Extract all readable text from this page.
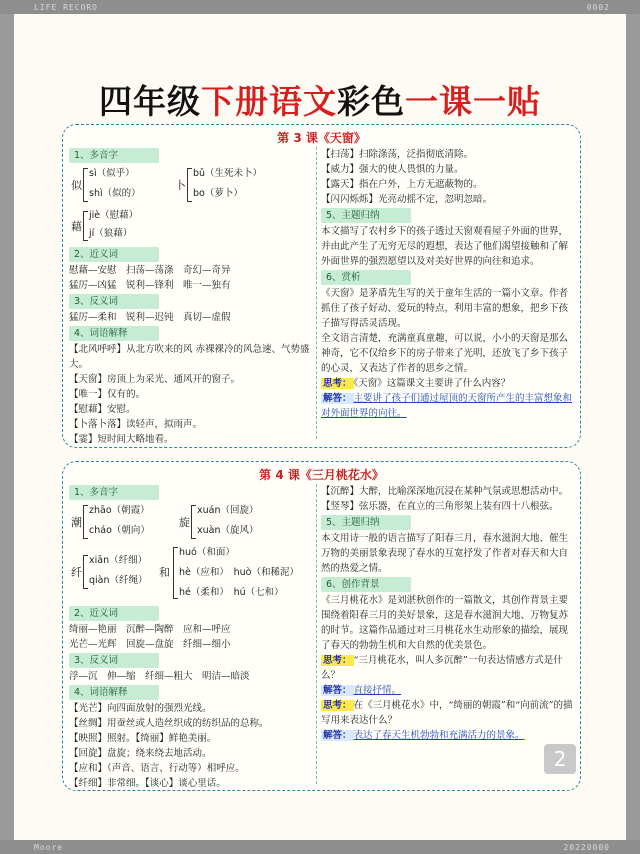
LIFE RECORD	0002
Moore	20220000
四年级下册语文彩色一课一贴
第 3 课《天窗》
1、多音字
似
sì（似乎）
shì（似的）
卜
bǔ（生死未卜）
bo（萝卜）
藉
jiè（慰藉）
jí（狼藉）
2、近义词
慰藉—安慰　扫荡—荡涤　奇幻—奇异
猛厉—凶猛　锐利—锋利　唯一—独有
3、反义词
猛厉—柔和　锐利—迟钝　真切—虚假
4、词语解释
【北风呼呼】从北方吹来的风 赤裸裸冷的风急速、气势盛大。
【天窗】房顶上为采光、通风开的窗子。
【唯一】仅有的。
【慰藉】安慰。
【卜落卜落】读轻声，拟雨声。
【霎】短时间大略地看。
【扫荡】扫除涤荡，泛指彻底清除。
【威力】强大的使人畏惧的力量。
【露天】指在户外，上方无遮蔽物的。
【闪闪烁烁】光亮动摇不定，忽明忽暗。
5、主题归纳
本文描写了农村乡下的孩子透过天窗观看屋子外面的世界，并由此产生了无穷无尽的遐想，表达了他们渴望接触和了解外面世界的强烈愿望以及对美好世界的向往和追求。
6、赏析
《天窗》是茅盾先生写的关于童年生活的一篇小文章。作者抓住了孩子好动、爱玩的特点，利用丰富的想象，把乡下孩子描写得活灵活现。
全文语言清楚，充满童真童趣，可以说，小小的天窗是那么神奇，它不仅给乡下的房子带来了光明，还放飞了乡下孩子的心灵，又表达了作者的思乡之情。
思考： 《天窗》这篇课文主要讲了什么内容？
解答： 主要讲了孩子们通过屋顶的天窗所产生的丰富想象和对外面世界的向往。
第 4 课《三月桃花水》
1、多音字
潮
zhāo（朝霞）
cháo（朝向）
旋
xuán（回旋）
xuàn（旋风）
纤
xiān（纤细）
qiàn（纤绳）
和
huó（和面）
hè（应和）　huò（和稀泥）
hé（柔和）　hú（七和）
2、近义词
绮丽—艳丽　沉醉—陶醉　应和—呼应
光芒—光辉　回旋—盘旋　纤细—细小
3、反义词
浮—沉　伸—缩　纤细—粗大　明洁—暗淡
4、词语解释
【光芒】向四面放射的强烈光线。
【丝绸】用蚕丝或人造丝织成的纺织品的总称。
【映照】照射。【绮丽】鲜艳美丽。
【回旋】盘旋；绕来绕去地活动。
【应和】（声音、语言、行动等）相呼应。
【纤细】非常细。【谈心】谈心里话。
【沉醉】大醉，比喻深深地沉浸在某种气氛或思想活动中。
【竖琴】弦乐器，在直立的三角形架上装有四十八根弦。
5、主题归纳
本文用诗一般的语言描写了阳春三月，春水滋润大地、催生万物的美丽景象表现了春水的互宽抒发了作者对春天和大自然的热爱之情。
6、创作背景
《三月桃花水》是刘湛秋创作的一篇散文，其创作背景主要围绕着阳春三月的美好景象，这是春水滋润大地、万物复苏的时节。这篇作品通过对三月桃花水生动形象的描绘，展现了春天的勃勃生机和大自然的优美景色。
思考： “三月桃花水，叫人多沉醉”一句表达情感方式是什么？
解答： 直接抒情。
思考： 在《三月桃花水》中，“绮丽的朝霞”和“向前流”的描写用来表达什么？
解答： 表达了春天生机勃勃和充满活力的景象。
2
